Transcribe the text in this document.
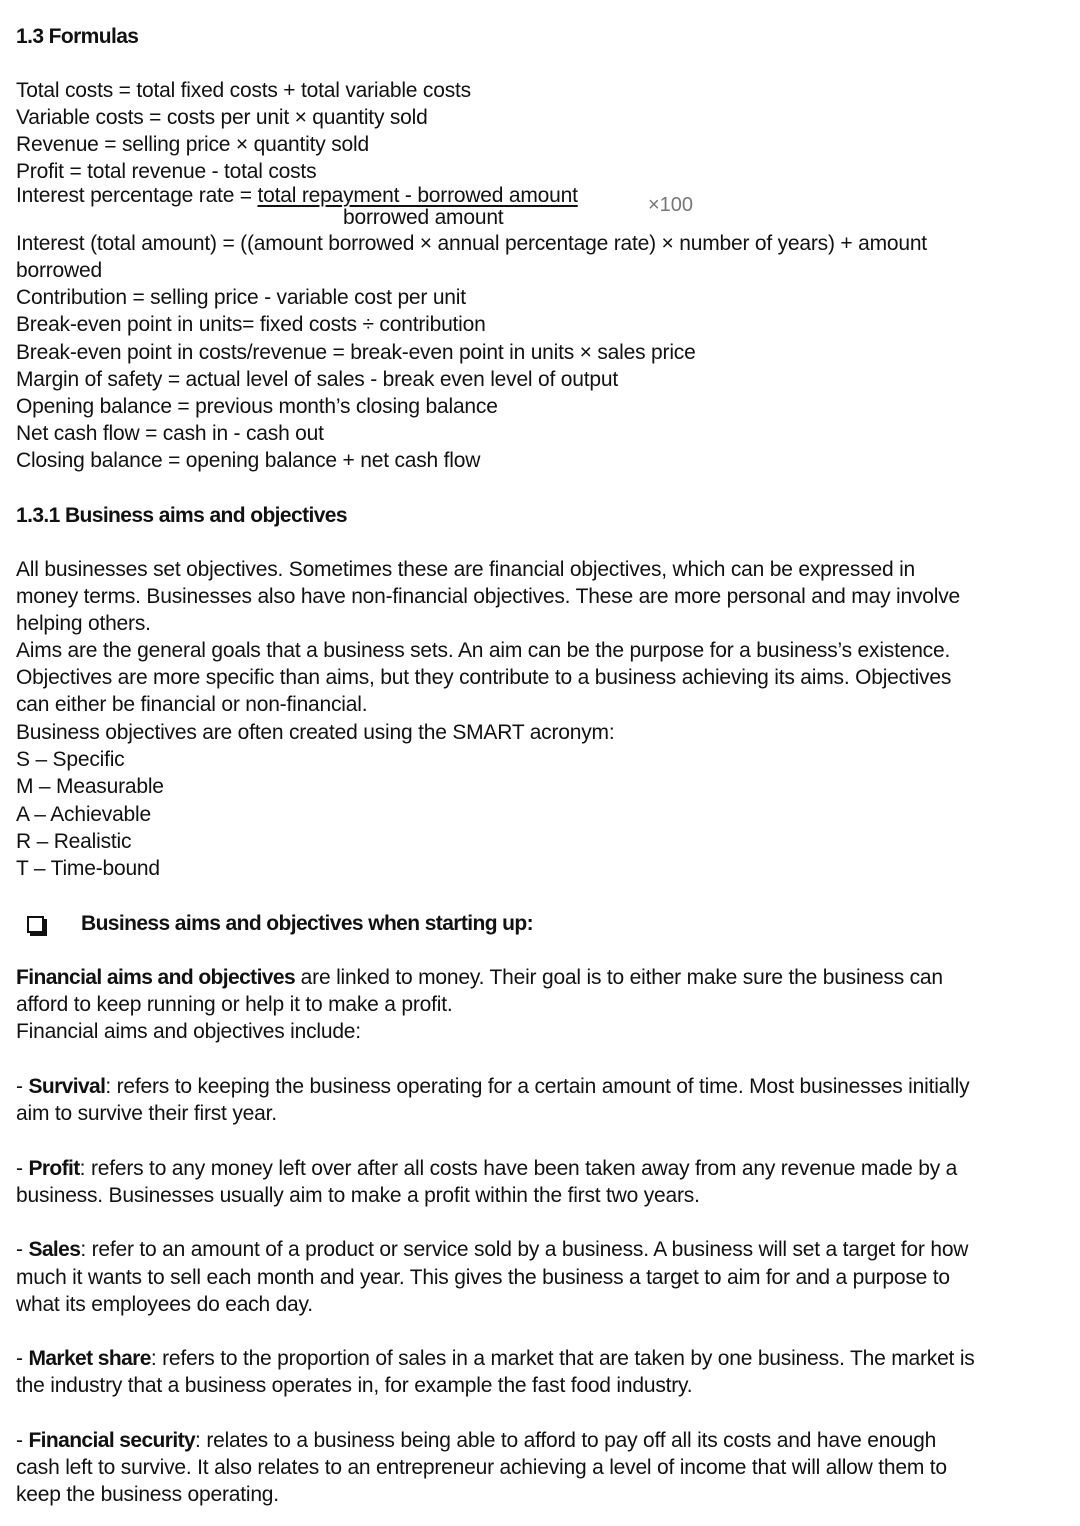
1.3 Formulas
Total costs = total fixed costs + total variable costs
Variable costs = costs per unit × quantity sold
Revenue = selling price × quantity sold
Profit = total revenue - total costs
Interest percentage rate = total repayment - borrowed amount
borrowed amount
×100
Interest (total amount) = ((amount borrowed × annual percentage rate) × number of years) + amount
borrowed
Contribution = selling price - variable cost per unit
Break-even point in units= fixed costs ÷ contribution
Break-even point in costs/revenue = break-even point in units × sales price
Margin of safety = actual level of sales - break even level of output
Opening balance = previous month’s closing balance
Net cash flow = cash in - cash out
Closing balance = opening balance + net cash flow
1.3.1 Business aims and objectives
All businesses set objectives. Sometimes these are financial objectives, which can be expressed in
money terms. Businesses also have non-financial objectives. These are more personal and may involve
helping others.
Aims are the general goals that a business sets. An aim can be the purpose for a business’s existence.
Objectives are more specific than aims, but they contribute to a business achieving its aims. Objectives
can either be financial or non-financial.
Business objectives are often created using the SMART acronym:
S – Specific
M – Measurable
A – Achievable
R – Realistic
T – Time-bound
Business aims and objectives when starting up:
Financial aims and objectives are linked to money. Their goal is to either make sure the business can
afford to keep running or help it to make a profit.
Financial aims and objectives include:
- Survival: refers to keeping the business operating for a certain amount of time. Most businesses initially
aim to survive their first year.
- Profit: refers to any money left over after all costs have been taken away from any revenue made by a
business. Businesses usually aim to make a profit within the first two years.
- Sales: refer to an amount of a product or service sold by a business. A business will set a target for how
much it wants to sell each month and year. This gives the business a target to aim for and a purpose to
what its employees do each day.
- Market share: refers to the proportion of sales in a market that are taken by one business. The market is
the industry that a business operates in, for example the fast food industry.
- Financial security: relates to a business being able to afford to pay off all its costs and have enough
cash left to survive. It also relates to an entrepreneur achieving a level of income that will allow them to
keep the business operating.
